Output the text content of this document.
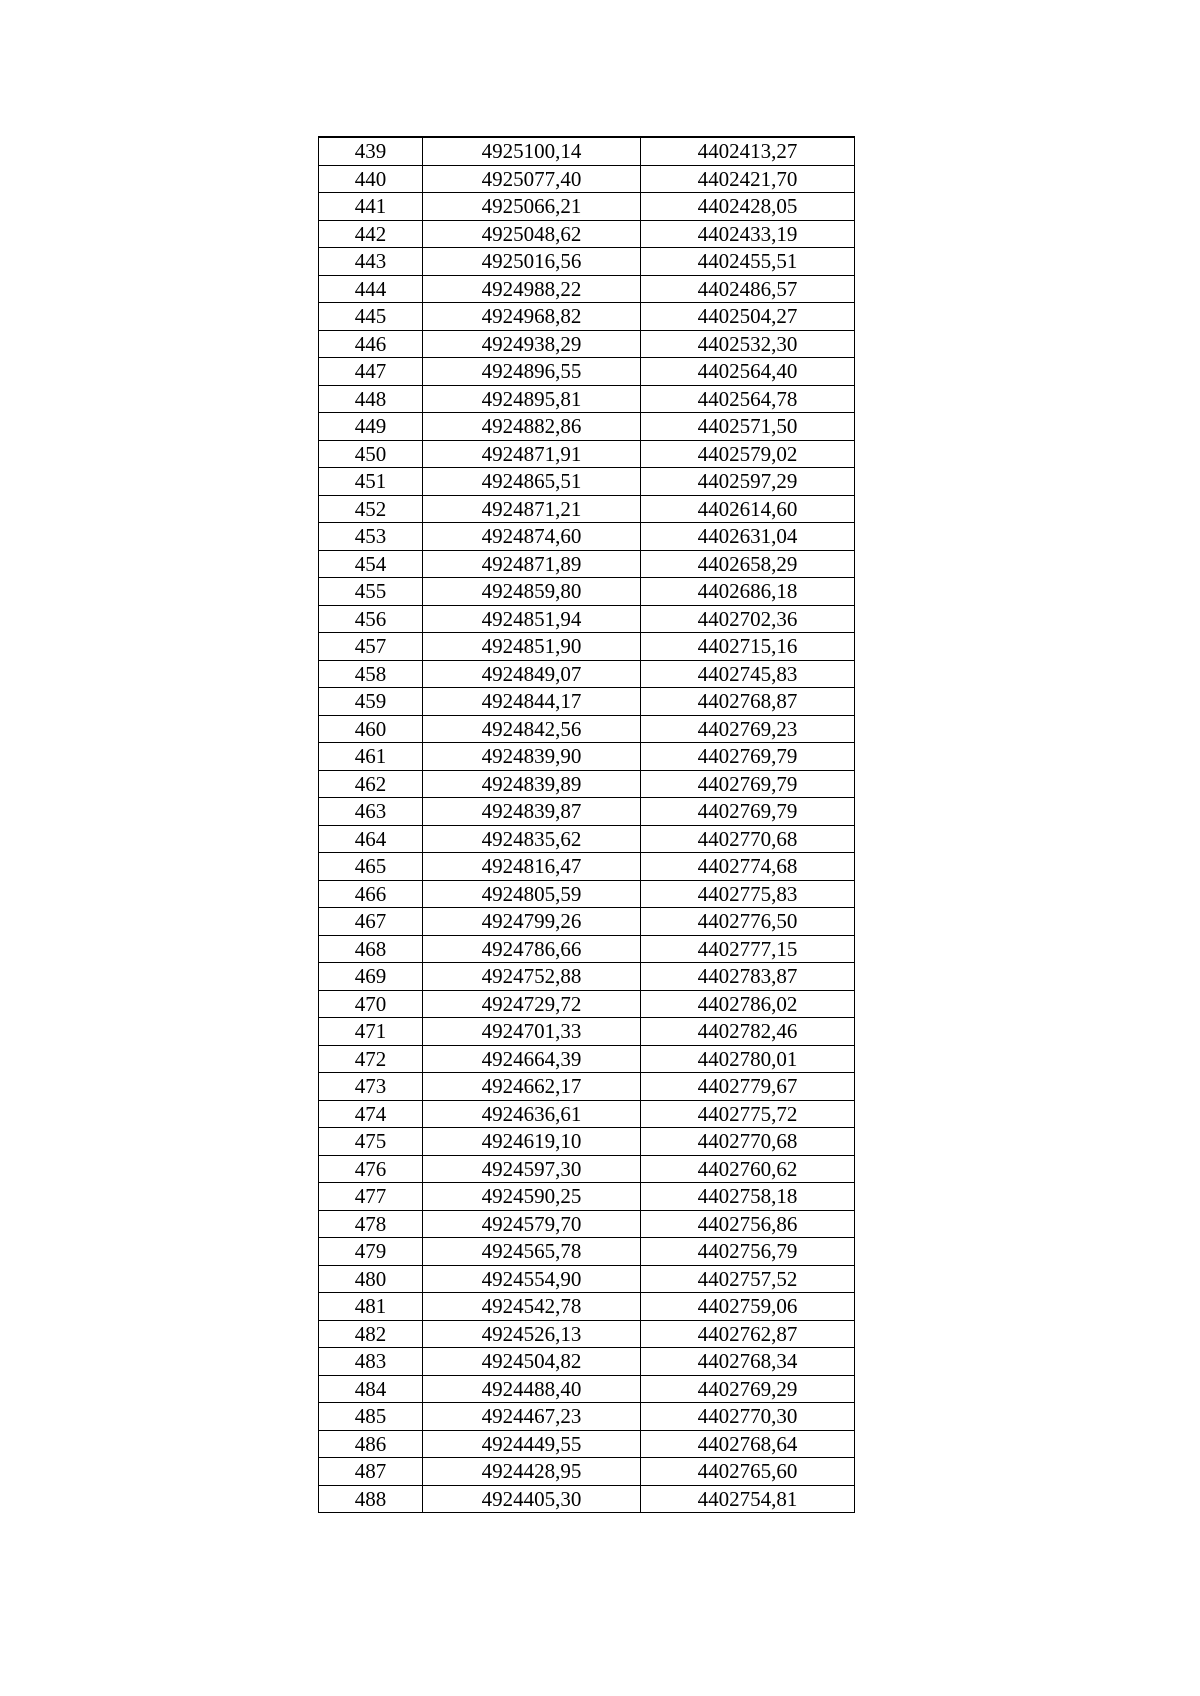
439	4925100,14	4402413,27
440	4925077,40	4402421,70
441	4925066,21	4402428,05
442	4925048,62	4402433,19
443	4925016,56	4402455,51
444	4924988,22	4402486,57
445	4924968,82	4402504,27
446	4924938,29	4402532,30
447	4924896,55	4402564,40
448	4924895,81	4402564,78
449	4924882,86	4402571,50
450	4924871,91	4402579,02
451	4924865,51	4402597,29
452	4924871,21	4402614,60
453	4924874,60	4402631,04
454	4924871,89	4402658,29
455	4924859,80	4402686,18
456	4924851,94	4402702,36
457	4924851,90	4402715,16
458	4924849,07	4402745,83
459	4924844,17	4402768,87
460	4924842,56	4402769,23
461	4924839,90	4402769,79
462	4924839,89	4402769,79
463	4924839,87	4402769,79
464	4924835,62	4402770,68
465	4924816,47	4402774,68
466	4924805,59	4402775,83
467	4924799,26	4402776,50
468	4924786,66	4402777,15
469	4924752,88	4402783,87
470	4924729,72	4402786,02
471	4924701,33	4402782,46
472	4924664,39	4402780,01
473	4924662,17	4402779,67
474	4924636,61	4402775,72
475	4924619,10	4402770,68
476	4924597,30	4402760,62
477	4924590,25	4402758,18
478	4924579,70	4402756,86
479	4924565,78	4402756,79
480	4924554,90	4402757,52
481	4924542,78	4402759,06
482	4924526,13	4402762,87
483	4924504,82	4402768,34
484	4924488,40	4402769,29
485	4924467,23	4402770,30
486	4924449,55	4402768,64
487	4924428,95	4402765,60
488	4924405,30	4402754,81
